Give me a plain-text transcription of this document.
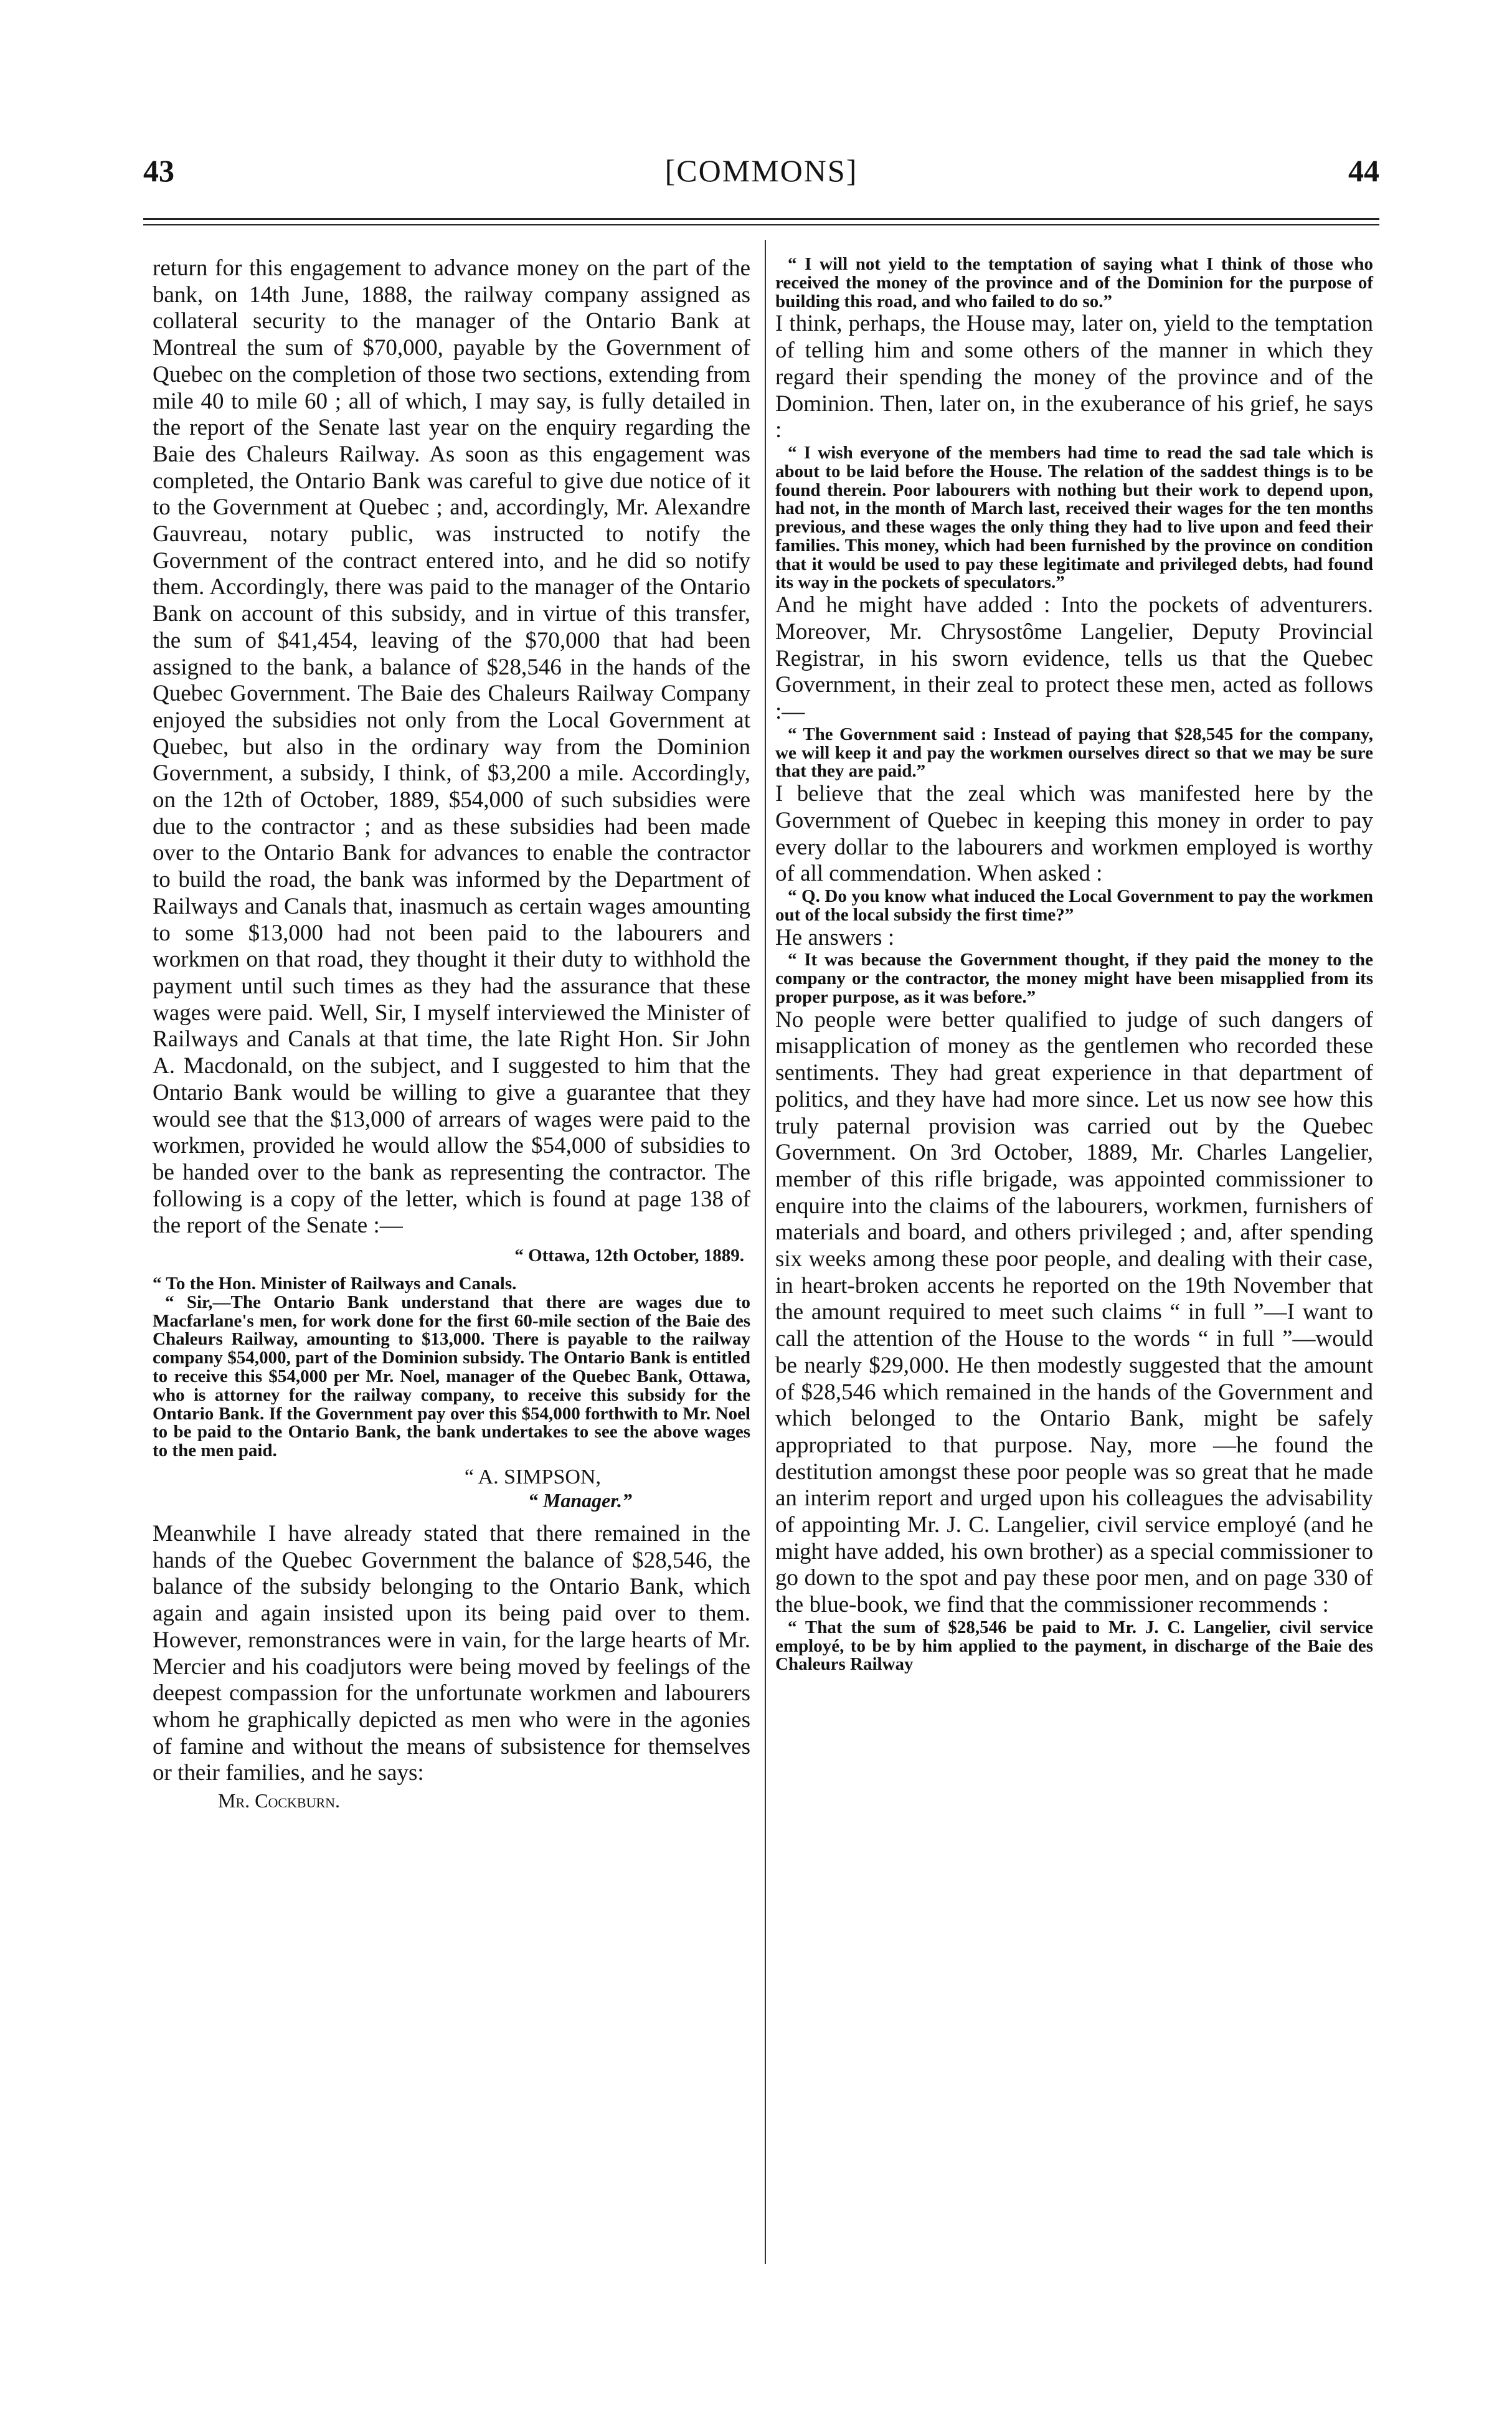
43	[COMMONS]	44

return for this engagement to advance money on the part of the bank, on 14th June, 1888, the railway company assigned as collateral security to the manager of the Ontario Bank at Montreal the sum of $70,000, payable by the Government of Quebec on the completion of those two sections, extending from mile 40 to mile 60 ; all of which, I may say, is fully detailed in the report of the Senate last year on the enquiry regarding the Baie des Chaleurs Railway. As soon as this engagement was completed, the Ontario Bank was careful to give due notice of it to the Government at Quebec ; and, accordingly, Mr. Alexandre Gauvreau, notary public, was instructed to notify the Government of the contract entered into, and he did so notify them. Accordingly, there was paid to the manager of the Ontario Bank on account of this subsidy, and in virtue of this transfer, the sum of $41,454, leaving of the $70,000 that had been assigned to the bank, a balance of $28,546 in the hands of the Quebec Government. The Baie des Chaleurs Railway Company enjoyed the subsidies not only from the Local Government at Quebec, but also in the ordinary way from the Dominion Government, a subsidy, I think, of $3,200 a mile. Accordingly, on the 12th of October, 1889, $54,000 of such subsidies were due to the contractor ; and as these subsidies had been made over to the Ontario Bank for advances to enable the contractor to build the road, the bank was informed by the Department of Railways and Canals that, inasmuch as certain wages amounting to some $13,000 had not been paid to the labourers and workmen on that road, they thought it their duty to withhold the payment until such times as they had the assurance that these wages were paid. Well, Sir, I myself interviewed the Minister of Railways and Canals at that time, the late Right Hon. Sir John A. Macdonald, on the subject, and I suggested to him that the Ontario Bank would be willing to give a guarantee that they would see that the $13,000 of arrears of wages were paid to the workmen, provided he would allow the $54,000 of subsidies to be handed over to the bank as representing the contractor. The following is a copy of the letter, which is found at page 138 of the report of the Senate :—

“ Ottawa, 12th October, 1889.

“ To the Hon. Minister of Railways and Canals.

“ Sir,—The Ontario Bank understand that there are wages due to Macfarlane's men, for work done for the first 60-mile section of the Baie des Chaleurs Railway, amounting to $13,000. There is payable to the railway company $54,000, part of the Dominion subsidy. The Ontario Bank is entitled to receive this $54,000 per Mr. Noel, manager of the Quebec Bank, Ottawa, who is attorney for the railway company, to receive this subsidy for the Ontario Bank. If the Government pay over this $54,000 forthwith to Mr. Noel to be paid to the Ontario Bank, the bank undertakes to see the above wages to the men paid.

“ A. SIMPSON,

“ Manager.”

Meanwhile I have already stated that there remained in the hands of the Quebec Government the balance of $28,546, the balance of the subsidy belonging to the Ontario Bank, which again and again insisted upon its being paid over to them. However, remonstrances were in vain, for the large hearts of Mr. Mercier and his coadjutors were being moved by feelings of the deepest compassion for the unfortunate workmen and labourers whom he graphically depicted as men who were in the agonies of famine and without the means of subsistence for themselves or their families, and he says:

Mr. Cockburn.

“ I will not yield to the temptation of saying what I think of those who received the money of the province and of the Dominion for the purpose of building this road, and who failed to do so.”

I think, perhaps, the House may, later on, yield to the temptation of telling him and some others of the manner in which they regard their spending the money of the province and of the Dominion. Then, later on, in the exuberance of his grief, he says :

“ I wish everyone of the members had time to read the sad tale which is about to be laid before the House. The relation of the saddest things is to be found therein. Poor labourers with nothing but their work to depend upon, had not, in the month of March last, received their wages for the ten months previous, and these wages the only thing they had to live upon and feed their families. This money, which had been furnished by the province on condition that it would be used to pay these legitimate and privileged debts, had found its way in the pockets of speculators.”

And he might have added : Into the pockets of adventurers. Moreover, Mr. Chrysostôme Langelier, Deputy Provincial Registrar, in his sworn evidence, tells us that the Quebec Government, in their zeal to protect these men, acted as follows :—

“ The Government said : Instead of paying that $28,545 for the company, we will keep it and pay the workmen ourselves direct so that we may be sure that they are paid.”

I believe that the zeal which was manifested here by the Government of Quebec in keeping this money in order to pay every dollar to the labourers and workmen employed is worthy of all commendation. When asked :

“ Q. Do you know what induced the Local Government to pay the workmen out of the local subsidy the first time?”

He answers :

“ It was because the Government thought, if they paid the money to the company or the contractor, the money might have been misapplied from its proper purpose, as it was before.”

No people were better qualified to judge of such dangers of misapplication of money as the gentlemen who recorded these sentiments. They had great experience in that department of politics, and they have had more since. Let us now see how this truly paternal provision was carried out by the Quebec Government. On 3rd October, 1889, Mr. Charles Langelier, member of this rifle brigade, was appointed commissioner to enquire into the claims of the labourers, workmen, furnishers of materials and board, and others privileged ; and, after spending six weeks among these poor people, and dealing with their case, in heart-broken accents he reported on the 19th November that the amount required to meet such claims “ in full ”—I want to call the attention of the House to the words “ in full ”—would be nearly $29,000. He then modestly suggested that the amount of $28,546 which remained in the hands of the Government and which belonged to the Ontario Bank, might be safely appropriated to that purpose. Nay, more —he found the destitution amongst these poor people was so great that he made an interim report and urged upon his colleagues the advisability of appointing Mr. J. C. Langelier, civil service employé (and he might have added, his own brother) as a special commissioner to go down to the spot and pay these poor men, and on page 330 of the blue-book, we find that the commissioner recommends :

“ That the sum of $28,546 be paid to Mr. J. C. Langelier, civil service employé, to be by him applied to the payment, in discharge of the Baie des Chaleurs Railway
